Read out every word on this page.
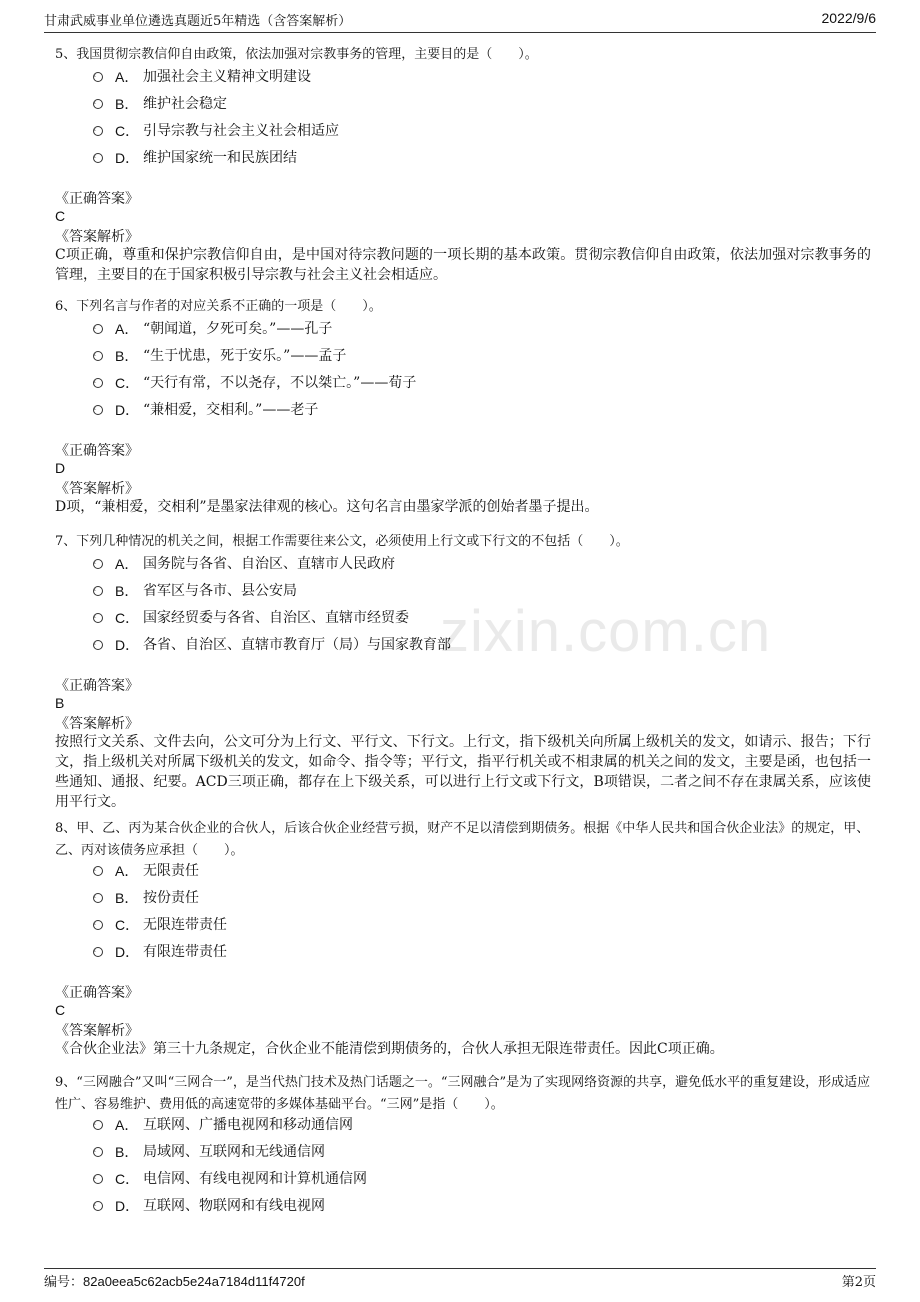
甘肃武威事业单位遴选真题近5年精选（含答案解析）	2022/9/6
zixin.com.cn

5、我国贯彻宗教信仰自由政策，依法加强对宗教事务的管理，主要目的是（　　）。

A． 加强社会主义精神文明建设
B． 维护社会稳定
C． 引导宗教与社会主义社会相适应
D． 维护国家统一和民族团结

《正确答案》

C

《答案解析》

C项正确，尊重和保护宗教信仰自由，是中国对待宗教问题的一项长期的基本政策。贯彻宗教信仰自由政策，依法加强对宗教事务的管理，主要目的在于国家积极引导宗教与社会主义社会相适应。

6、下列名言与作者的对应关系不正确的一项是（　　）。

A． “朝闻道，夕死可矣。”——孔子
B． “生于忧患，死于安乐。”——孟子
C． “天行有常，不以尧存，不以桀亡。”——荀子
D． “兼相爱，交相利。”——老子

《正确答案》

D

《答案解析》

D项，“兼相爱，交相利”是墨家法律观的核心。这句名言由墨家学派的创始者墨子提出。

7、下列几种情况的机关之间，根据工作需要往来公文，必须使用上行文或下行文的不包括（　　）。

A． 国务院与各省、自治区、直辖市人民政府
B． 省军区与各市、县公安局
C． 国家经贸委与各省、自治区、直辖市经贸委
D． 各省、自治区、直辖市教育厅（局）与国家教育部

《正确答案》

B

《答案解析》

按照行文关系、文件去向，公文可分为上行文、平行文、下行文。上行文，指下级机关向所属上级机关的发文，如请示、报告；下行文，指上级机关对所属下级机关的发文，如命令、指令等；平行文，指平行机关或不相隶属的机关之间的发文，主要是函，也包括一些通知、通报、纪要。ACD三项正确，都存在上下级关系，可以进行上行文或下行文，B项错误，二者之间不存在隶属关系，应该使用平行文。

8、甲、乙、丙为某合伙企业的合伙人，后该合伙企业经营亏损，财产不足以清偿到期债务。根据《中华人民共和国合伙企业法》的规定，甲、乙、丙对该债务应承担（　　）。

A． 无限责任
B． 按份责任
C． 无限连带责任
D． 有限连带责任

《正确答案》

C

《答案解析》

《合伙企业法》第三十九条规定，合伙企业不能清偿到期债务的，合伙人承担无限连带责任。因此C项正确。

9、“三网融合”又叫“三网合一”，是当代热门技术及热门话题之一。“三网融合”是为了实现网络资源的共享，避免低水平的重复建设，形成适应性广、容易维护、费用低的高速宽带的多媒体基础平台。“三网”是指（　　）。

A． 互联网、广播电视网和移动通信网
B． 局域网、互联网和无线通信网
C． 电信网、有线电视网和计算机通信网
D． 互联网、物联网和有线电视网
编号：82a0eea5c62acb5e24a7184d11f4720f	第2页
